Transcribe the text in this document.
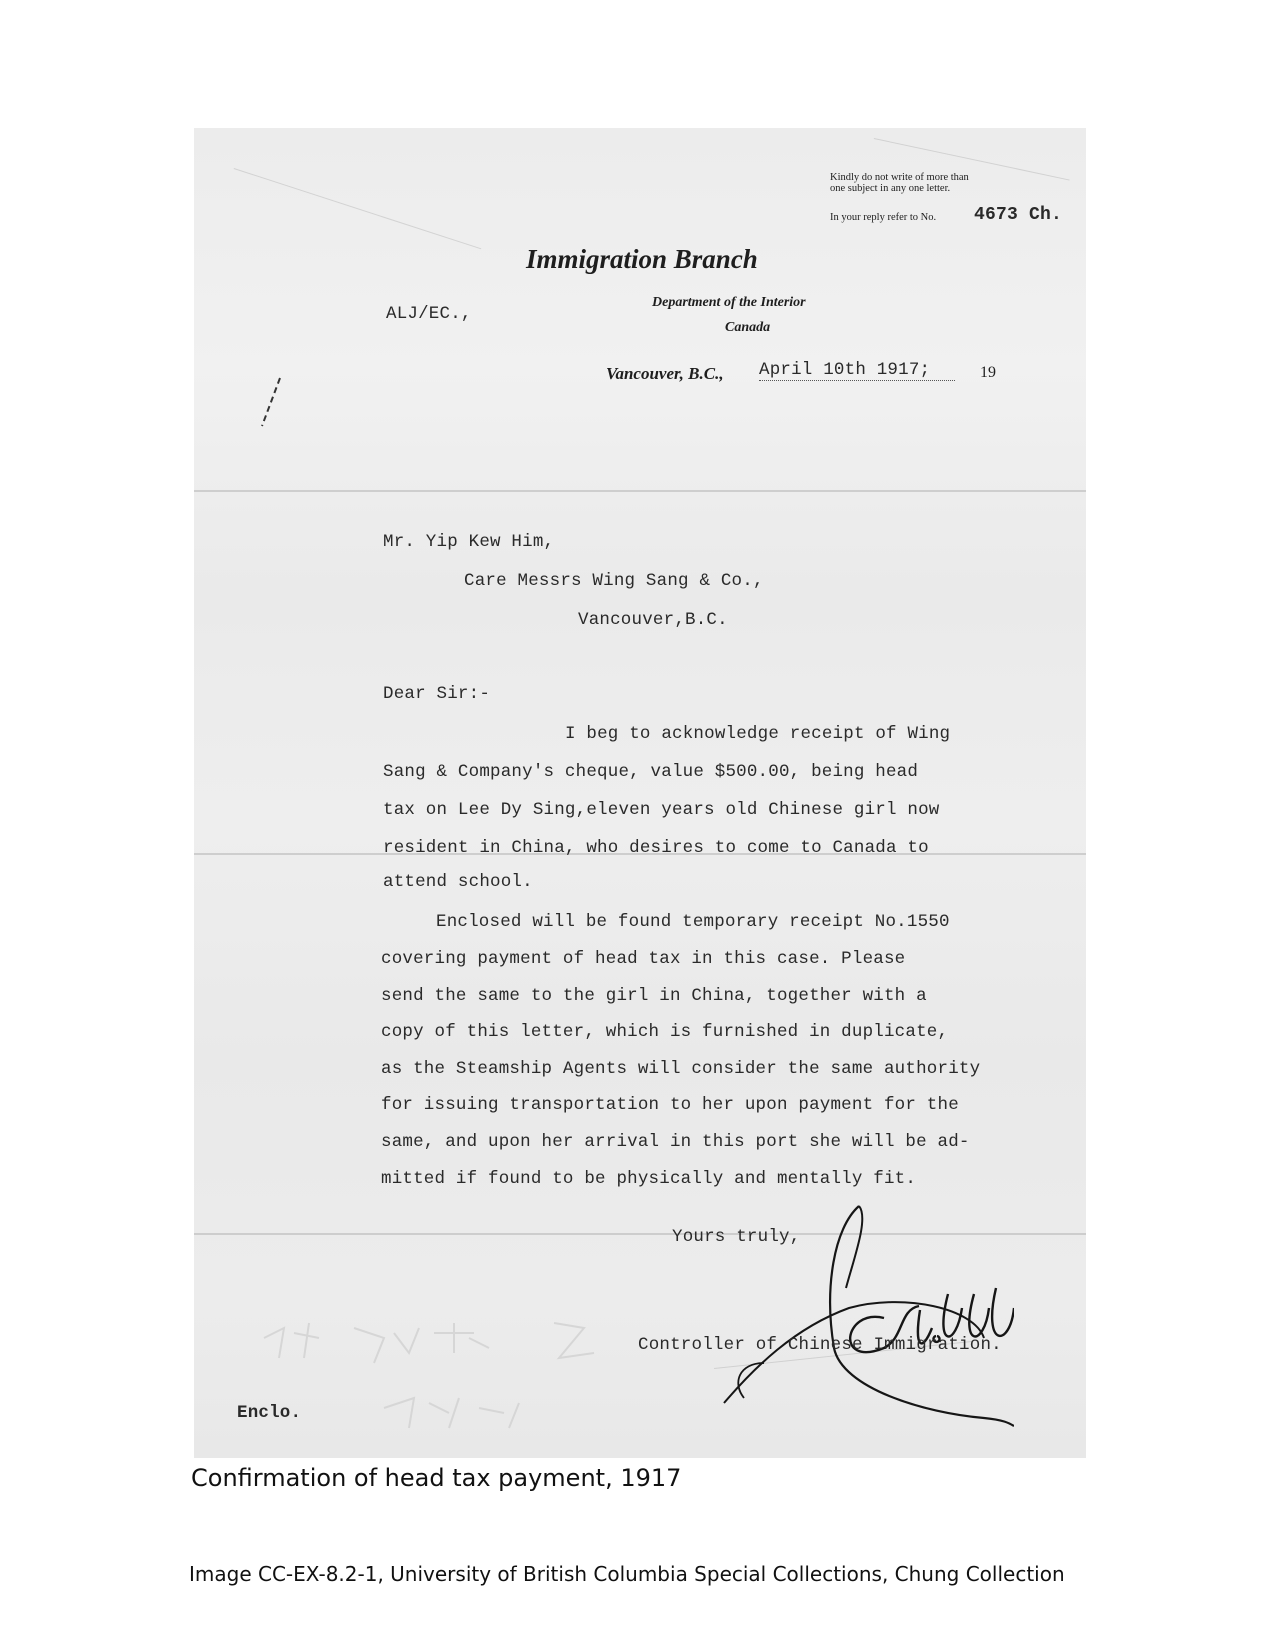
Kindly do not write of more than
one subject in any one letter.
In your reply refer to No. 4673 Ch.
Immigration Branch
Department of the Interior
Canada
ALJ/EC.,
Vancouver, B.C., April 10th 1917;	19
Mr. Yip Kew Him,
Care Messrs Wing Sang & Co.,
Vancouver,B.C.
Dear Sir:-
I beg to acknowledge receipt of Wing
Sang & Company's cheque, value $500.00, being head
tax on Lee Dy Sing,eleven years old Chinese girl now
resident in China, who desires to come to Canada to
attend school.
Enclosed will be found temporary receipt No.1550
covering payment of head tax in this case. Please
send the same to the girl in China, together with a
copy of this letter, which is furnished in duplicate,
as the Steamship Agents will consider the same authority
for issuing transportation to her upon payment for the
same, and upon her arrival in this port she will be ad-
mitted if found to be physically and mentally fit.
Yours truly,
Controller of Chinese Immigration.
Enclo.
Confirmation of head tax payment, 1917
Image CC-EX-8.2-1, University of British Columbia Special Collections, Chung Collection
